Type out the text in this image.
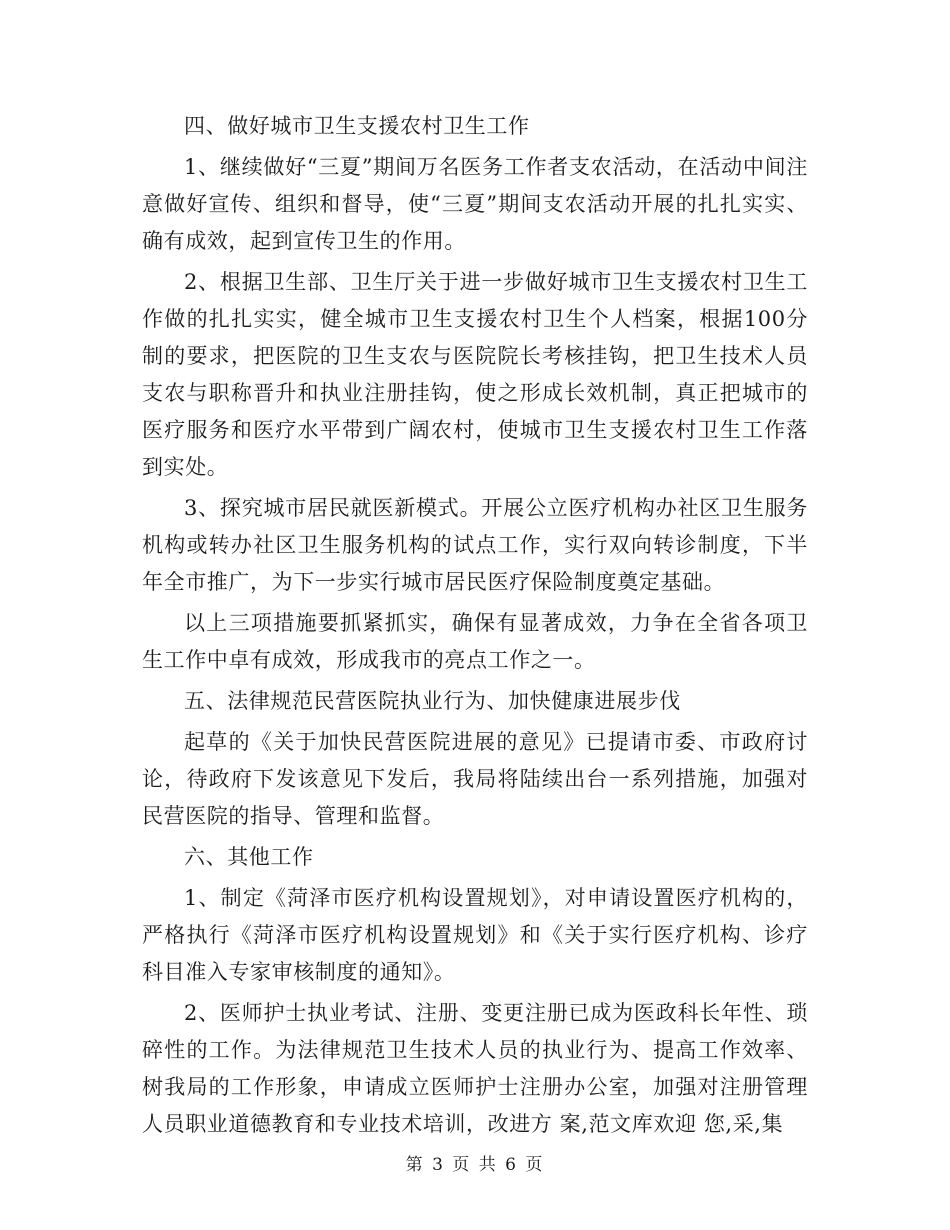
四、做好城市卫生支援农村卫生工作

1、继续做好“三夏”期间万名医务工作者支农活动，在活动中间注意做好宣传、组织和督导，使“三夏”期间支农活动开展的扎扎实实、确有成效，起到宣传卫生的作用。

2、根据卫生部、卫生厅关于进一步做好城市卫生支援农村卫生工作做的扎扎实实，健全城市卫生支援农村卫生个人档案，根据100分制的要求，把医院的卫生支农与医院院长考核挂钩，把卫生技术人员支农与职称晋升和执业注册挂钩，使之形成长效机制，真正把城市的医疗服务和医疗水平带到广阔农村，使城市卫生支援农村卫生工作落到实处。

3、探究城市居民就医新模式。开展公立医疗机构办社区卫生服务机构或转办社区卫生服务机构的试点工作，实行双向转诊制度，下半年全市推广，为下一步实行城市居民医疗保险制度奠定基础。

以上三项措施要抓紧抓实，确保有显著成效，力争在全省各项卫生工作中卓有成效，形成我市的亮点工作之一。

五、法律规范民营医院执业行为、加快健康进展步伐

起草的《关于加快民营医院进展的意见》已提请市委、市政府讨论，待政府下发该意见下发后，我局将陆续出台一系列措施，加强对民营医院的指导、管理和监督。

六、其他工作

1、制定《菏泽市医疗机构设置规划》，对申请设置医疗机构的，严格执行《菏泽市医疗机构设置规划》和《关于实行医疗机构、诊疗科目准入专家审核制度的通知》。

2、医师护士执业考试、注册、变更注册已成为医政科长年性、琐碎性的工作。为法律规范卫生技术人员的执业行为、提高工作效率、树我局的工作形象，申请成立医师护士注册办公室，加强对注册管理人员职业道德教育和专业技术培训，改进方 案,范文库欢迎 您,采,集

第 3 页 共 6 页
